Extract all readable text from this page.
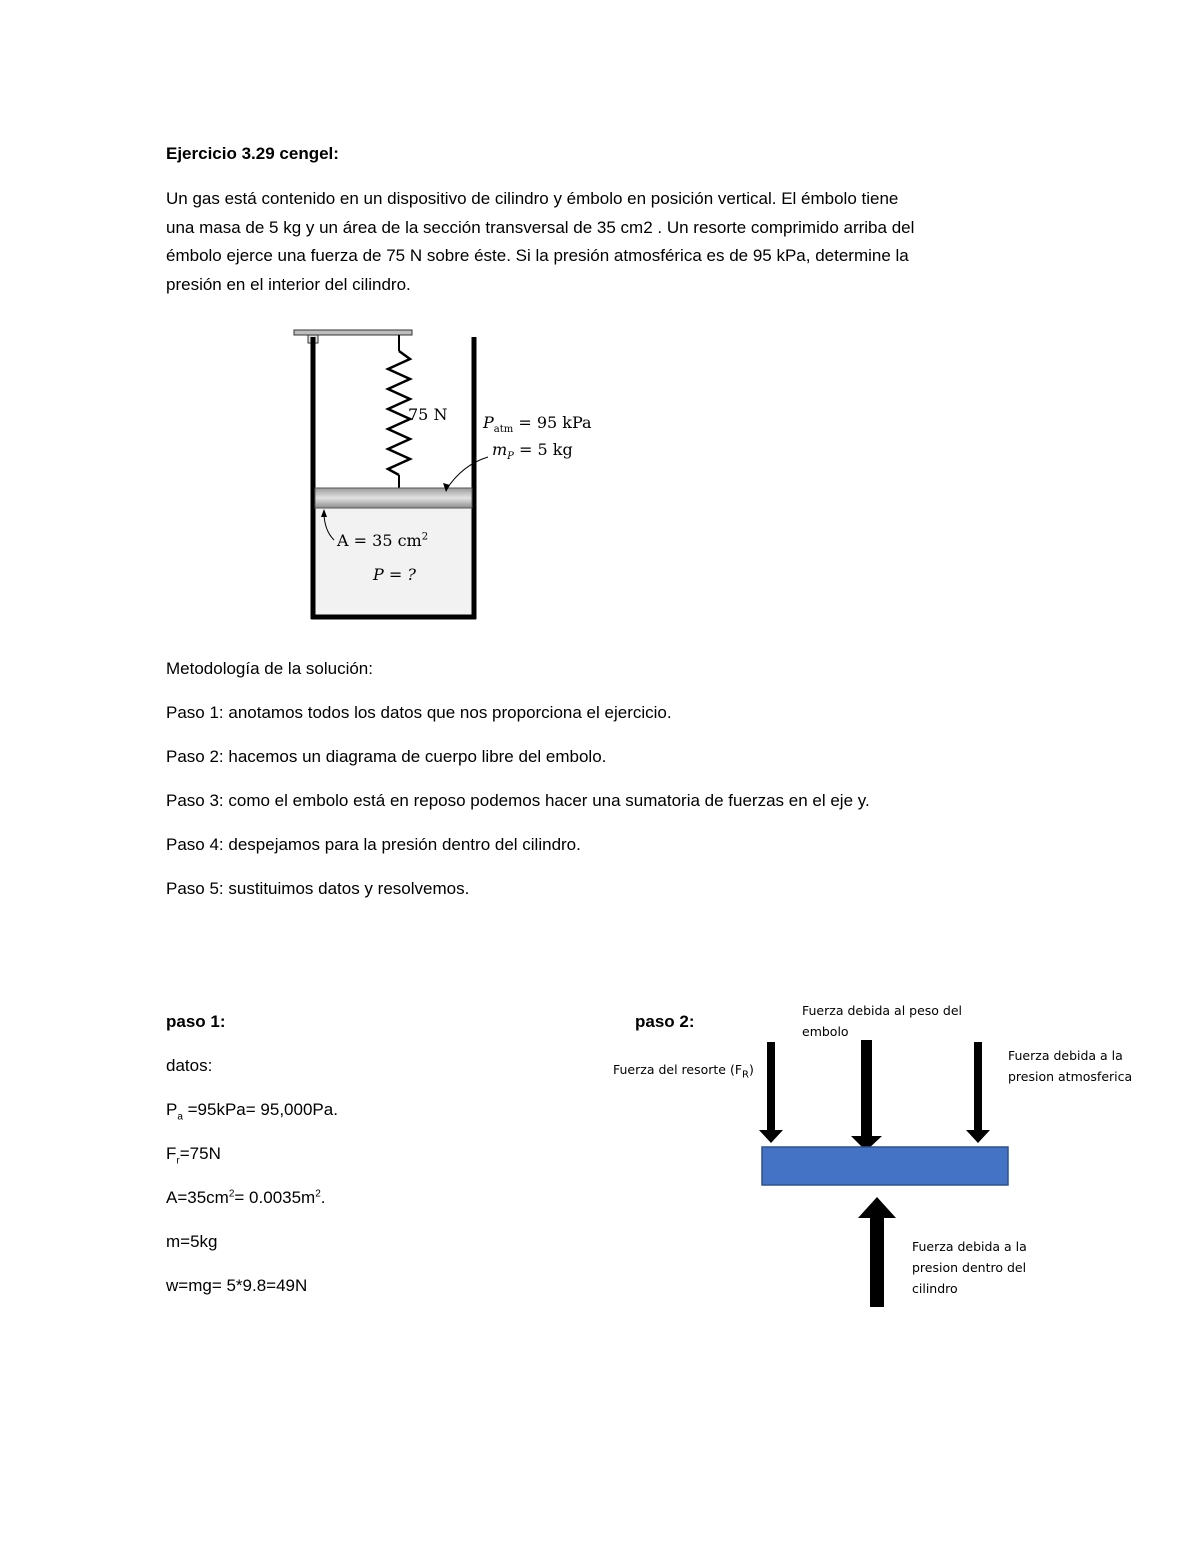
Ejercicio 3.29 cengel:
Un gas está contenido en un dispositivo de cilindro y émbolo en posición vertical. El émbolo tiene
una masa de 5 kg y un área de la sección transversal de 35 cm2 . Un resorte comprimido arriba del
émbolo ejerce una fuerza de 75 N sobre éste. Si la presión atmosférica es de 95 kPa, determine la
presión en el interior del cilindro.
75 N $P_{atm} = 95$ kPa
$m_P = 5$ kg
A = 35 $cm^2$
P = ?
Metodología de la solución:
Paso 1: anotamos todos los datos que nos proporciona el ejercicio.
Paso 2: hacemos un diagrama de cuerpo libre del embolo.
Paso 3: como el embolo está en reposo podemos hacer una sumatoria de fuerzas en el eje y.
Paso 4: despejamos para la presión dentro del cilindro.
Paso 5: sustituimos datos y resolvemos.
paso 1:
datos:
$P_a =95kPa= 95,000Pa$.
$F_r=75N$
$A=35cm^2= 0.0035m^2$.
m=5kg
w=mg= 5*9.8=49N
paso 2:
Fuerza del resorte $(F_R)$
Fuerza debida al peso del
embolo
Fuerza debida a la
presion atmosferica
Fuerza debida a la
presion dentro del
cilindro
